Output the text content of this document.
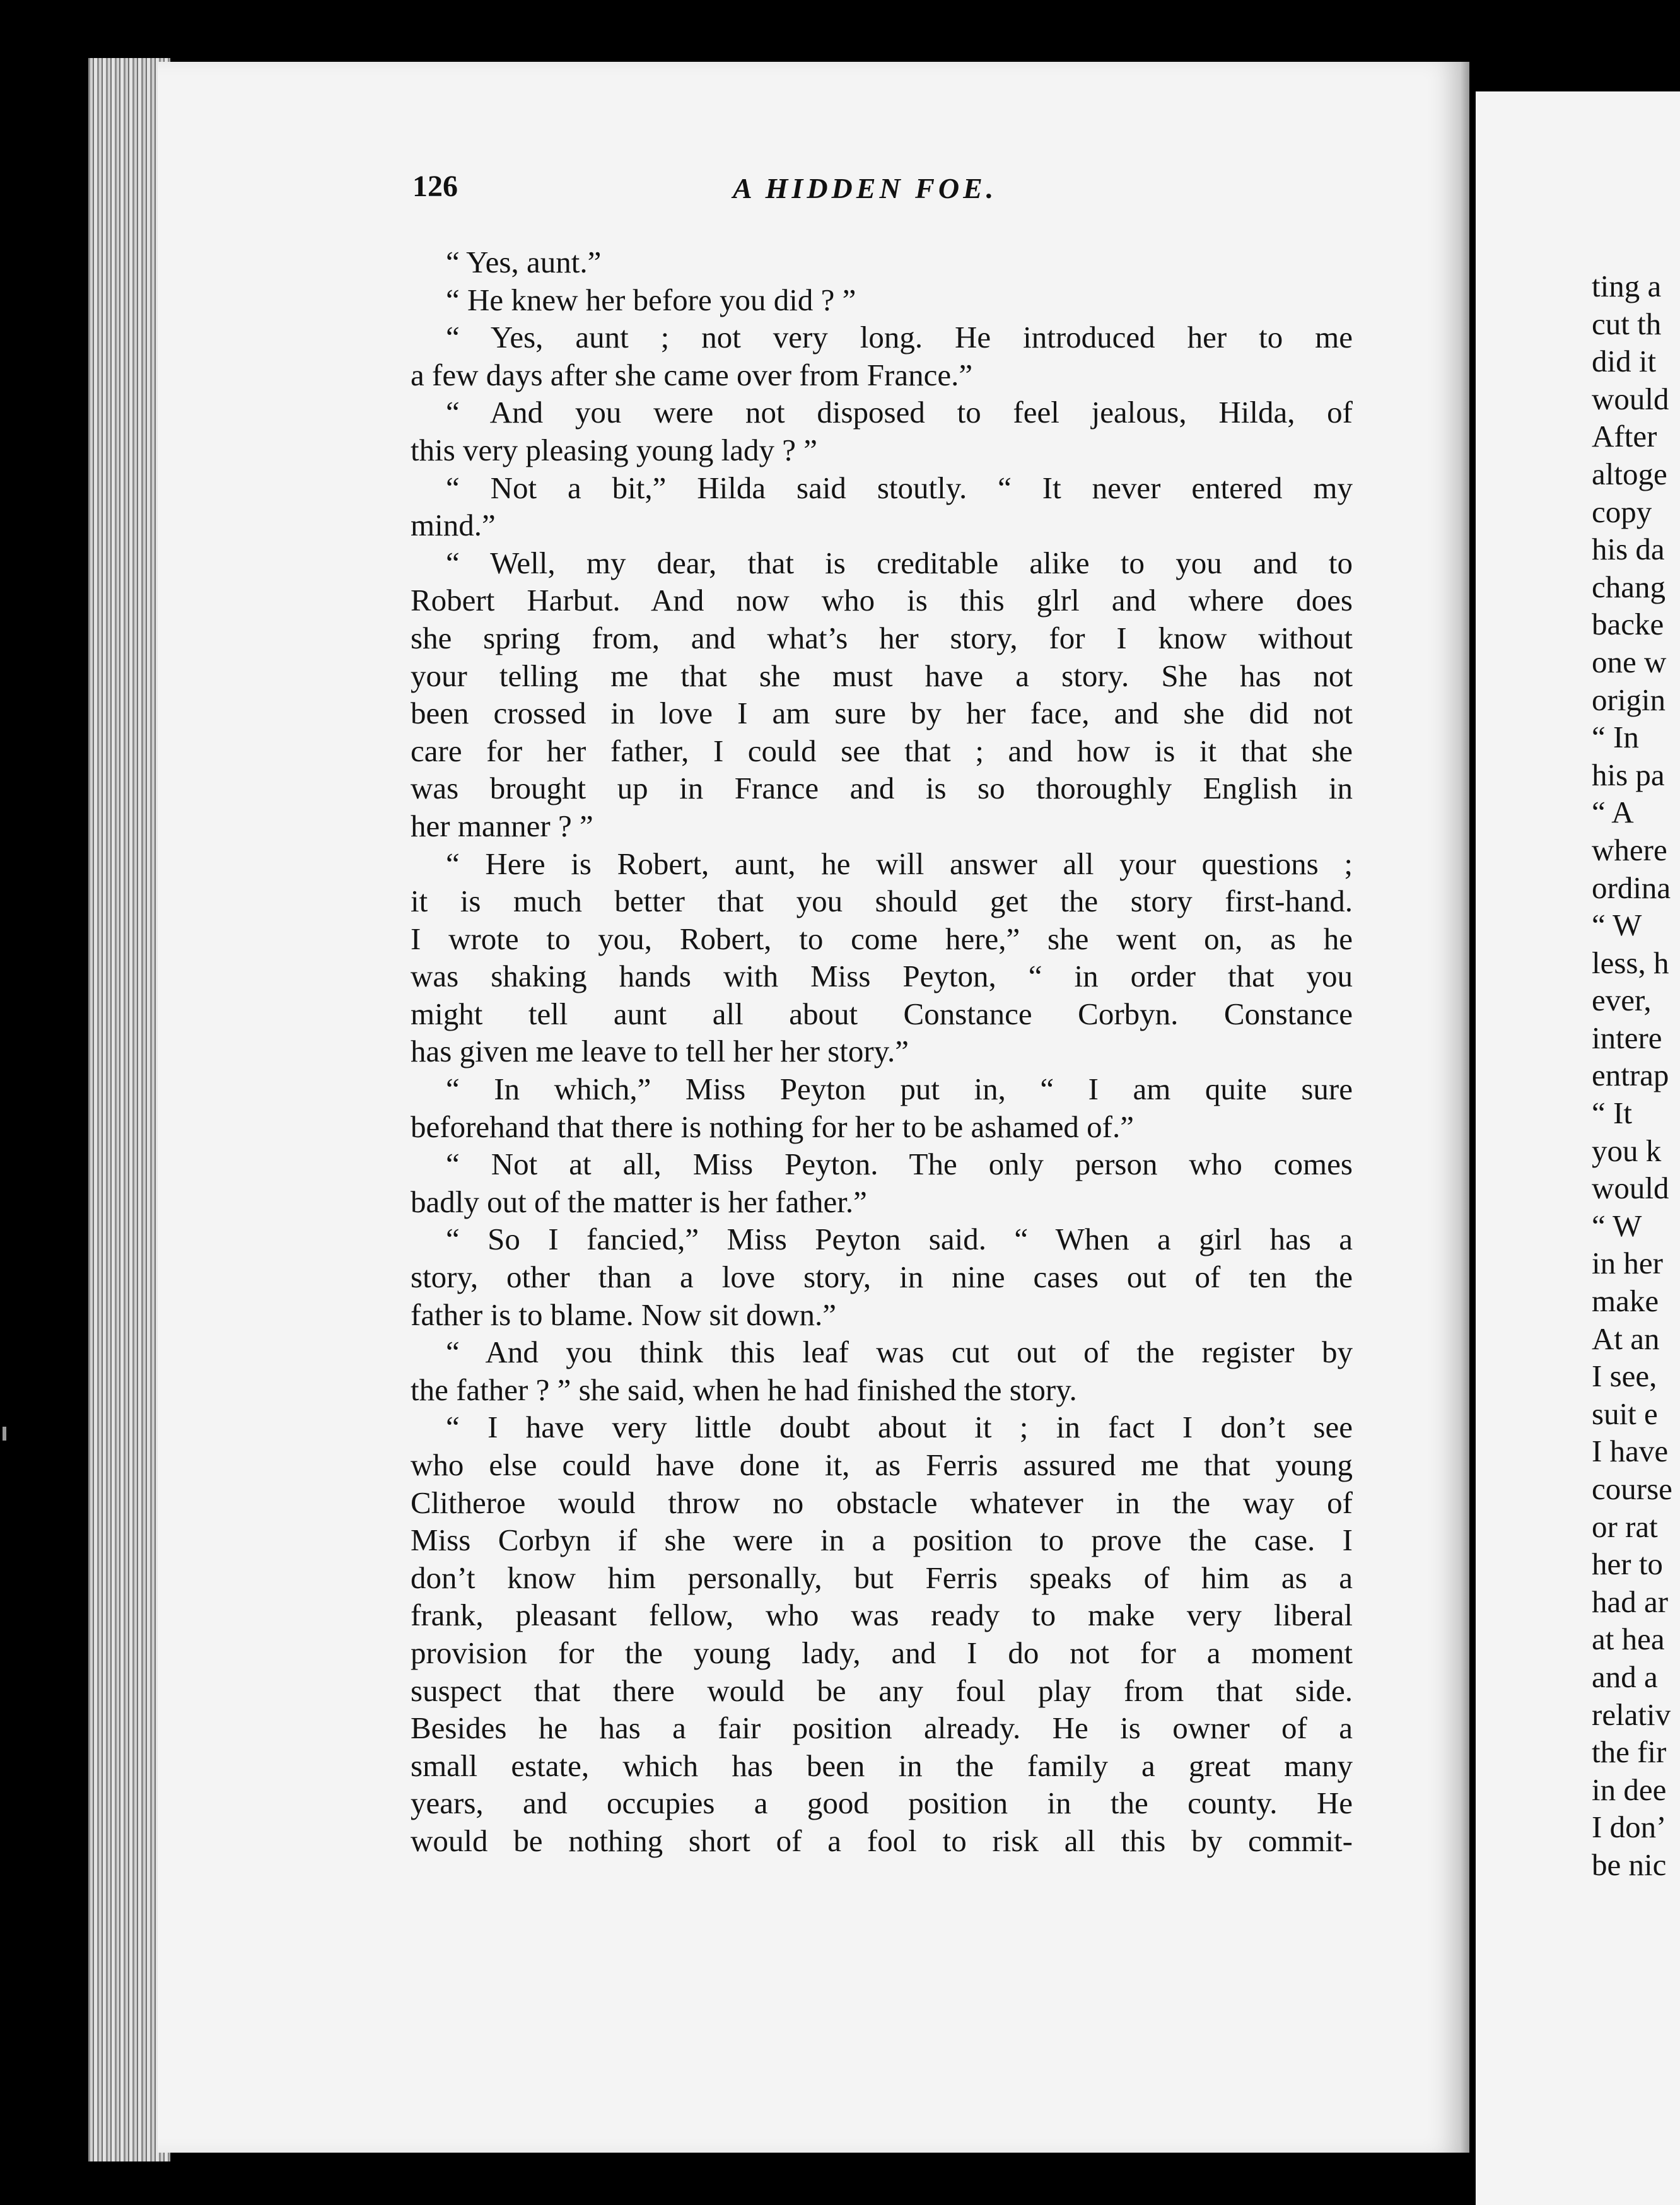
126	A HIDDEN FOE.
“ Yes, aunt.”
“ He knew her before you did ? ”
“ Yes, aunt ; not very long. He introduced her to me
a few days after she came over from France.”
“ And you were not disposed to feel jealous, Hilda, of
this very pleasing young lady ? ”
“ Not a bit,” Hilda said stoutly. “ It never entered my
mind.”
“ Well, my dear, that is creditable alike to you and to
Robert Harbut. And now who is this glrl and where does
she spring from, and what’s her story, for I know without
your telling me that she must have a story. She has not
been crossed in love I am sure by her face, and she did not
care for her father, I could see that ; and how is it that she
was brought up in France and is so thoroughly English in
her manner ? ”
“ Here is Robert, aunt, he will answer all your questions ;
it is much better that you should get the story first-hand.
I wrote to you, Robert, to come here,” she went on, as he
was shaking hands with Miss Peyton, “ in order that you
might tell aunt all about Constance Corbyn. Constance
has given me leave to tell her her story.”
“ In which,” Miss Peyton put in, “ I am quite sure
beforehand that there is nothing for her to be ashamed of.”
“ Not at all, Miss Peyton. The only person who comes
badly out of the matter is her father.”
“ So I fancied,” Miss Peyton said. “ When a girl has a
story, other than a love story, in nine cases out of ten the
father is to blame. Now sit down.”
“ And you think this leaf was cut out of the register by
the father ? ” she said, when he had finished the story.
“ I have very little doubt about it ; in fact I don’t see
who else could have done it, as Ferris assured me that young
Clitheroe would throw no obstacle whatever in the way of
Miss Corbyn if she were in a position to prove the case. I
don’t know him personally, but Ferris speaks of him as a
frank, pleasant fellow, who was ready to make very liberal
provision for the young lady, and I do not for a moment
suspect that there would be any foul play from that side.
Besides he has a fair position already. He is owner of a
small estate, which has been in the family a great many
years, and occupies a good position in the county. He
would be nothing short of a fool to risk all this by commit-
ting a
cut th
did it
would
After
altoge
copy
his da
chang
backe
one w
origin
“ In
his pa
“ A
where
ordina
“ W
less, h
ever,
intere
entrap
“ It
you k
would
“ W
in her
make
At an
I see,
suit e
I have
course
or rat
her to
had ar
at hea
and a
relativ
the fir
in dee
I don’
be nic
